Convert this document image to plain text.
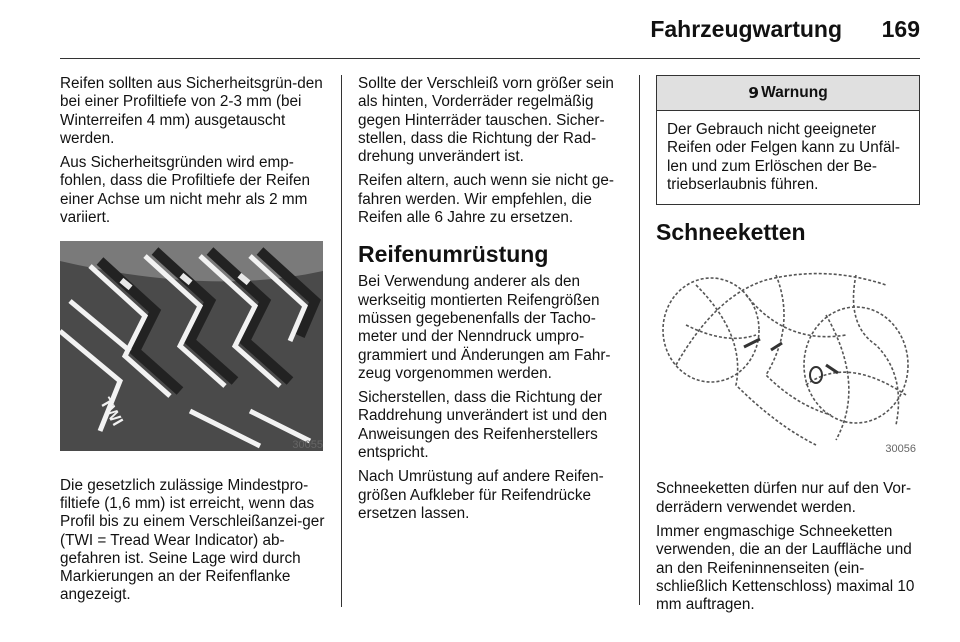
Fahrzeugwartung 169

Reifen sollten aus Sicherheitsgrün-den bei einer Profiltiefe von 2-3 mm (bei Winterreifen 4 mm) ausgetauscht werden.

Aus Sicherheitsgründen wird emp-fohlen, dass die Profiltiefe der Reifen einer Achse um nicht mehr als 2 mm variiert.

TWI
30055

Die gesetzlich zulässige Mindestpro-filtiefe (1,6 mm) ist erreicht, wenn das Profil bis zu einem Verschleißanzei-ger (TWI = Tread Wear Indicator) ab-gefahren ist. Seine Lage wird durch Markierungen an der Reifenflanke angezeigt.

Sollte der Verschleiß vorn größer sein als hinten, Vorderräder regelmäßig gegen Hinterräder tauschen. Sicher-stellen, dass die Richtung der Rad-drehung unverändert ist.

Reifen altern, auch wenn sie nicht ge-fahren werden. Wir empfehlen, die Reifen alle 6 Jahre zu ersetzen.

Reifenumrüstung

Bei Verwendung anderer als den werkseitig montierten Reifengrößen müssen gegebenenfalls der Tacho-meter und der Nenndruck umpro-grammiert und Änderungen am Fahr-zeug vorgenommen werden.

Sicherstellen, dass die Richtung der Raddrehung unverändert ist und den Anweisungen des Reifenherstellers entspricht.

Nach Umrüstung auf andere Reifen-größen Aufkleber für Reifendrücke ersetzen lassen.

9 Warnung
Der Gebrauch nicht geeigneter Reifen oder Felgen kann zu Unfäl-len und zum Erlöschen der Be-triebserlaubnis führen.
Schneeketten
30056

Schneeketten dürfen nur auf den Vor-derrädern verwendet werden.

Immer engmaschige Schneeketten verwenden, die an der Lauffläche und an den Reifeninnenseiten (ein-schließlich Kettenschloss) maximal 10 mm auftragen.
